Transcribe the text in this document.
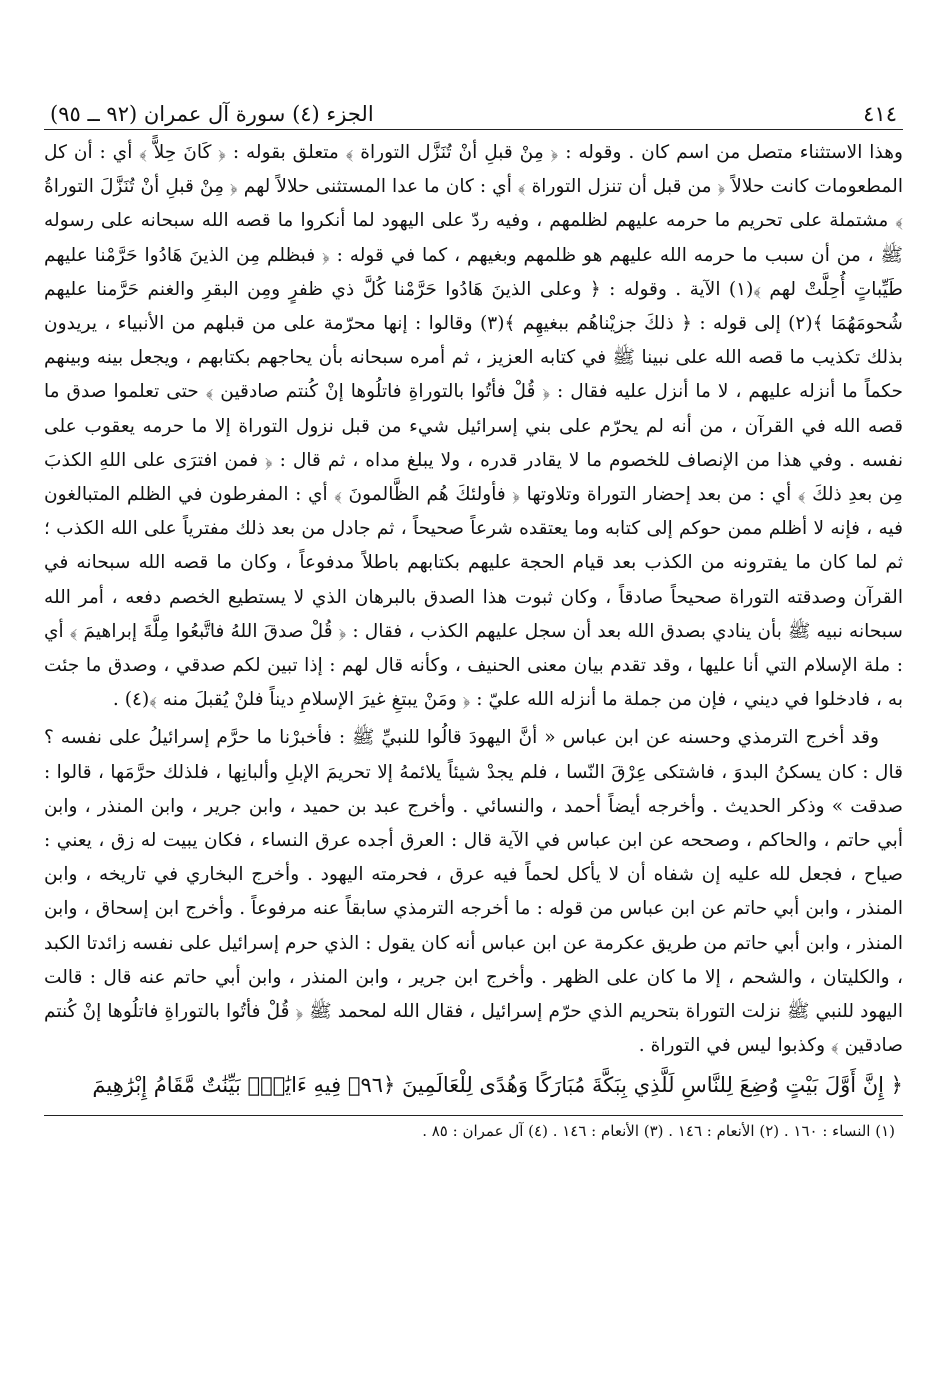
٤١٤
الجزء (٤) سورة آل عمران (٩٢ ــ ٩٥)

وهذا الاستثناء متصل من اسم كان . وقوله : ﴿ مِنْ قبلِ أنْ تُنَزَّل التوراة ﴾ متعلق بقوله : ﴿ كَانَ حِلاًّ ﴾ أي : أن كل المطعومات كانت حلالاً ﴿ من قبل أن تنزل التوراة ﴾ أي : كان ما عدا المستثنى حلالاً لهم ﴿ مِنْ قبلِ أنْ تُنَزَّلَ التوراةُ ﴾ مشتملة على تحريم ما حرمه عليهم لظلمهم ، وفيه ردّ على اليهود لما أنكروا ما قصه الله سبحانه على رسوله ﷺ ، من أن سبب ما حرمه الله عليهم هو ظلمهم وبغيهم ، كما في قوله : ﴿ فبظلم مِن الذينَ هَادُوا حَرَّمْنا عليهم طَيِّباتٍ أُحِلَّتْ لهم ﴾(١) الآية . وقوله : ﴿ وعلى الذينَ هَادُوا حَرَّمْنا كُلَّ ذي ظفرٍ ومِن البقرِ والغنم حَرَّمنا عليهم شُحومَهُمَا ﴾(٢) إلى قوله : ﴿ ذلكَ جزيْناهُم ببغيهِم ﴾(٣) وقالوا : إنها محرّمة على من قبلهم من الأنبياء ، يريدون بذلك تكذيب ما قصه الله على نبينا ﷺ في كتابه العزيز ، ثم أمره سبحانه بأن يحاجهم بكتابهم ، ويجعل بينه وبينهم حكماً ما أنزله عليهم ، لا ما أنزل عليه فقال : ﴿ قُلْ فأتُوا بالتوراةِ فاتلُوها إنْ كُنتم صادقين ﴾ حتى تعلموا صدق ما قصه الله في القرآن ، من أنه لم يحرّم على بني إسرائيل شيء من قبل نزول التوراة إلا ما حرمه يعقوب على نفسه . وفي هذا من الإنصاف للخصوم ما لا يقادر قدره ، ولا يبلغ مداه ، ثم قال : ﴿ فمن افترَى على اللهِ الكذبَ مِن بعدِ ذلكَ ﴾ أي : من بعد إحضار التوراة وتلاوتها ﴿ فأولئكَ هُم الظَّالمونَ ﴾ أي : المفرطون في الظلم المتبالغون فيه ، فإنه لا أظلم ممن حوكم إلى كتابه وما يعتقده شرعاً صحيحاً ، ثم جادل من بعد ذلك مفترياً على الله الكذب ؛ ثم لما كان ما يفترونه من الكذب بعد قيام الحجة عليهم بكتابهم باطلاً مدفوعاً ، وكان ما قصه الله سبحانه في القرآن وصدقته التوراة صحيحاً صادقاً ، وكان ثبوت هذا الصدق بالبرهان الذي لا يستطيع الخصم دفعه ، أمر الله سبحانه نبيه ﷺ بأن ينادي بصدق الله بعد أن سجل عليهم الكذب ، فقال : ﴿ قُلْ صدقَ اللهُ فاتَّبعُوا مِلَّةَ إبراهيمَ ﴾ أي : ملة الإسلام التي أنا عليها ، وقد تقدم بيان معنى الحنيف ، وكأنه قال لهم : إذا تبين لكم صدقي ، وصدق ما جئت به ، فادخلوا في ديني ، فإن من جملة ما أنزله الله عليّ : ﴿ ومَنْ يبتغِ غيرَ الإسلامِ ديناً فلنْ يُقبلَ منه ﴾(٤) .

وقد أخرج الترمذي وحسنه عن ابن عباس « أنَّ اليهودَ قالُوا للنبيِّ ﷺ : فأخبرْنا ما حرَّم إسرائيلُ على نفسه ؟ قال : كان يسكنُ البدوَ ، فاشتكى عِرْقَ النّسا ، فلم يجدْ شيئاً يلائمهُ إلا تحريمَ الإبلِ وألبانِها ، فلذلك حرَّمَها ، قالوا : صدقت » وذكر الحديث . وأخرجه أيضاً أحمد ، والنسائي . وأخرج عبد بن حميد ، وابن جرير ، وابن المنذر ، وابن أبي حاتم ، والحاكم ، وصححه عن ابن عباس في الآية قال : العرق أجده عرق النساء ، فكان يبيت له زق ، يعني : صياح ، فجعل لله عليه إن شفاه أن لا يأكل لحماً فيه عرق ، فحرمته اليهود . وأخرج البخاري في تاريخه ، وابن المنذر ، وابن أبي حاتم عن ابن عباس من قوله : ما أخرجه الترمذي سابقاً عنه مرفوعاً . وأخرج ابن إسحاق ، وابن المنذر ، وابن أبي حاتم من طريق عكرمة عن ابن عباس أنه كان يقول : الذي حرم إسرائيل على نفسه زائدتا الكبد ، والكليتان ، والشحم ، إلا ما كان على الظهر . وأخرج ابن جرير ، وابن المنذر ، وابن أبي حاتم عنه قال : قالت اليهود للنبي ﷺ نزلت التوراة بتحريم الذي حرّم إسرائيل ، فقال الله لمحمد ﷺ ﴿ قُلْ فأتُوا بالتوراةِ فاتلُوها إنْ كُنتم صادقين ﴾ وكذبوا ليس في التوراة .

﴿ إِنَّ أَوَّلَ بَيْتٍ وُضِعَ لِلنَّاسِ لَلَّذِي بِبَكَّةَ مُبَارَكًا وَهُدًى لِلْعَالَمِينَ ﴿٩٦﴾ فِيهِ ءَايَٰتٌۢ بَيِّنَٰتٌ مَّقَامُ إِبْرَٰهِيمَ
(١) النساء : ١٦٠ . (٢) الأنعام : ١٤٦ . (٣) الأنعام : ١٤٦ . (٤) آل عمران : ٨٥ .
